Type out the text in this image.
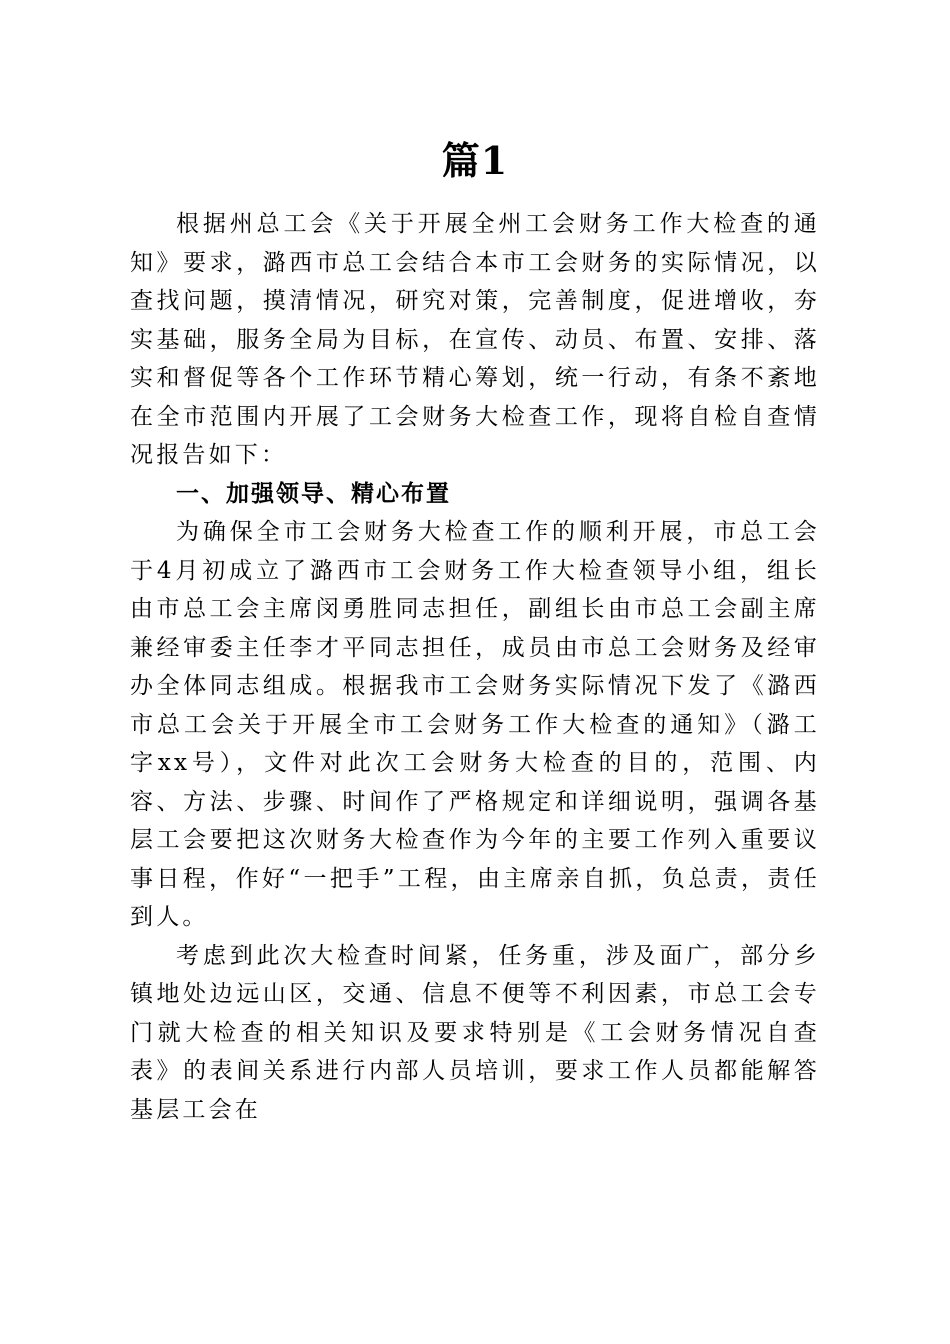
篇1

根据州总工会《关于开展全州工会财务工作大检查的通知》要求，潞西市总工会结合本市工会财务的实际情况，以查找问题，摸清情况，研究对策，完善制度，促进增收，夯实基础，服务全局为目标，在宣传、动员、布置、安排、落实和督促等各个工作环节精心筹划，统一行动，有条不紊地在全市范围内开展了工会财务大检查工作，现将自检自查情况报告如下：

一、加强领导、精心布置

为确保全市工会财务大检查工作的顺利开展，市总工会于4月初成立了潞西市工会财务工作大检查领导小组，组长由市总工会主席闵勇胜同志担任，副组长由市总工会副主席兼经审委主任李才平同志担任，成员由市总工会财务及经审办全体同志组成。根据我市工会财务实际情况下发了《潞西市总工会关于开展全市工会财务工作大检查的通知》（潞工字xx号），文件对此次工会财务大检查的目的，范围、内容、方法、步骤、时间作了严格规定和详细说明，强调各基层工会要把这次财务大检查作为今年的主要工作列入重要议事日程，作好“一把手”工程，由主席亲自抓，负总责，责任到人。

考虑到此次大检查时间紧，任务重，涉及面广，部分乡镇地处边远山区，交通、信息不便等不利因素，市总工会专门就大检查的相关知识及要求特别是《工会财务情况自查表》的表间关系进行内部人员培训，要求工作人员都能解答基层工会在
